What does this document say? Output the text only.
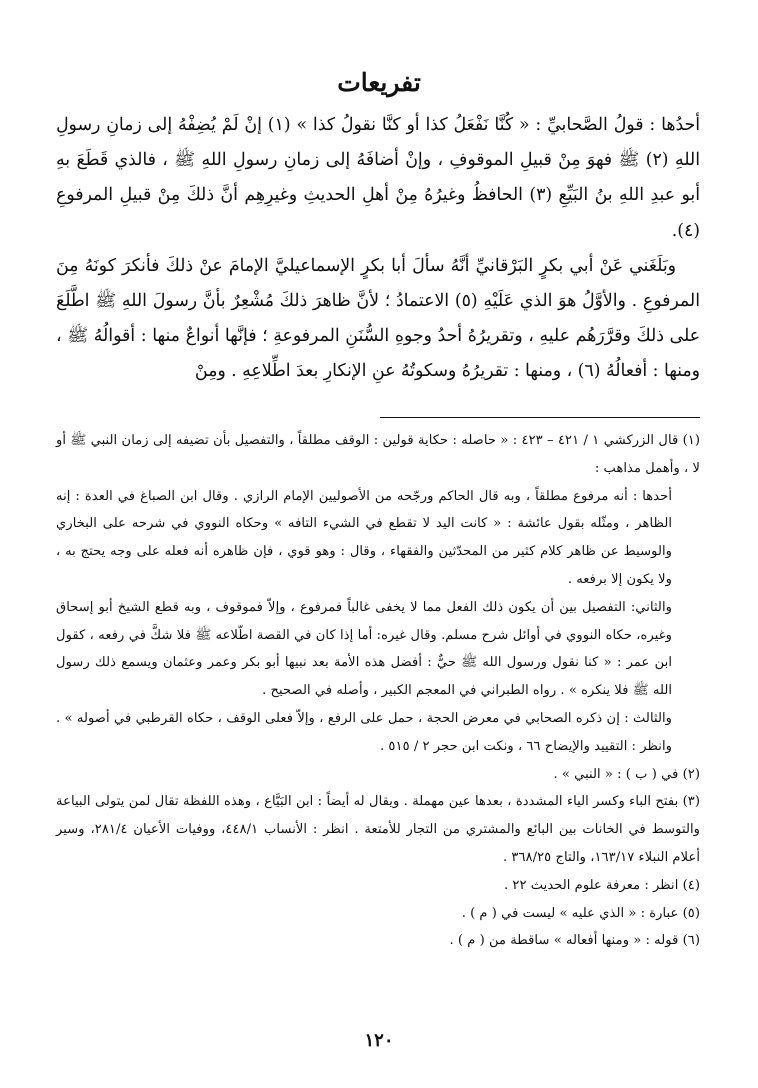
تفريعات

أحدُها : قولُ الصَّحابيِّ : « كُنَّا نَفْعَلُ كذا أو كنَّا نقولُ كذا » (١) إنْ لَمْ يُضِفْهُ إلى زمانِ رسولِ اللهِ (٢) ﷺ فهوَ مِنْ قبيلِ الموقوفِ ، وإنْ أضافَهُ إلى زمانِ رسولِ اللهِ ﷺ ، فالذي قَطَعَ بهِ أبو عبدِ اللهِ بنُ البَيِّعِ (٣) الحافظُ وغيرُهُ مِنْ أهلِ الحديثِ وغيرِهِم أنَّ ذلكَ مِنْ قبيلِ المرفوعِ (٤).

وبَلَغَني عَنْ أبي بكرٍ البَرْقانيِّ أنَّهُ سألَ أبا بكرٍ الإسماعيليَّ الإمامَ عنْ ذلكَ فأنكرَ كونَهُ مِنَ المرفوعِ . والأوَّلُ هوَ الذي عَلَيْهِ (٥) الاعتمادُ ؛ لأنَّ ظاهرَ ذلكَ مُشْعِرٌ بأنَّ رسولَ اللهِ ﷺ اطَّلَعَ على ذلكَ وقرَّرَهُم عليهِ ، وتقريرُهُ أحدُ وجوهِ السُّنَنِ المرفوعةِ ؛ فإنَّها أنواعٌ منها : أقوالُهُ ﷺ ، ومنها : أفعالُهُ (٦) ، ومنها : تقريرُهُ وسكوتُهُ عنِ الإنكارِ بعدَ اطِّلاعِهِ . ومِنْ

(١) قال الزركشي ١ / ٤٢١ – ٤٢٣ : « حاصله : حكاية قولين : الوقف مطلقاً ، والتفصيل بأن تضيفه إلى زمان النبي ﷺ أو لا ، وأهمل مذاهب :

أحدها : أنه مرفوع مطلقاً ، وبه قال الحاكم ورجّحه من الأصوليين الإمام الرازي . وقال ابن الصباغ في العدة : إنه الظاهر ، ومثّله بقول عائشة : « كانت اليد لا تقطع في الشيء التافه » وحكاه النووي في شرحه على البخاري والوسيط عن ظاهر كلام كثير من المحدّثين والفقهاء ، وقال : وهو قوي ، فإن ظاهره أنه فعله على وجه يحتج به ، ولا يكون إلا برفعه .

والثاني: التفصيل بين أن يكون ذلك الفعل مما لا يخفى غالباً فمرفوع ، وإلاّ فموقوف ، وبه قطع الشيخ أبو إسحاق وغيره، حكاه النووي في أوائل شرح مسلم. وقال غيره: أما إذا كان في القصة اطّلاعه ﷺ فلا شكَّ في رفعه ، كقول ابن عمر : « كنا نقول ورسول الله ﷺ حيٌّ : أفضل هذه الأمة بعد نبيها أبو بكر وعمر وعثمان ويسمع ذلك رسول الله ﷺ فلا ينكره » . رواه الطبراني في المعجم الكبير ، وأصله في الصحيح .

والثالث : إن ذكره الصحابي في معرض الحجة ، حمل على الرفع ، وإلاّ فعلى الوقف ، حكاه القرطبي في أصوله » . وانظر : التقييد والإيضاح ٦٦ ، ونكت ابن حجر ٢ / ٥١٥ .

(٢) في ( ب ) : « النبي » .
(٣) بفتح الباء وكسر الياء المشددة ، بعدها عين مهملة . ويقال له أيضاً : ابن البَيَّاع ، وهذه اللفظة تقال لمن يتولى البياعة والتوسط في الخانات بين البائع والمشتري من التجار للأمتعة . انظر : الأنساب ٤٤٨/١، ووفيات الأعيان ٢٨١/٤، وسير أعلام النبلاء ١٦٣/١٧، والتاج ٣٦٨/٢٥ .
(٤) انظر : معرفة علوم الحديث ٢٢ .
(٥) عبارة : « الذي عليه » ليست في ( م ) .
(٦) قوله : « ومنها أفعاله » ساقطة من ( م ) .
١٢٠
